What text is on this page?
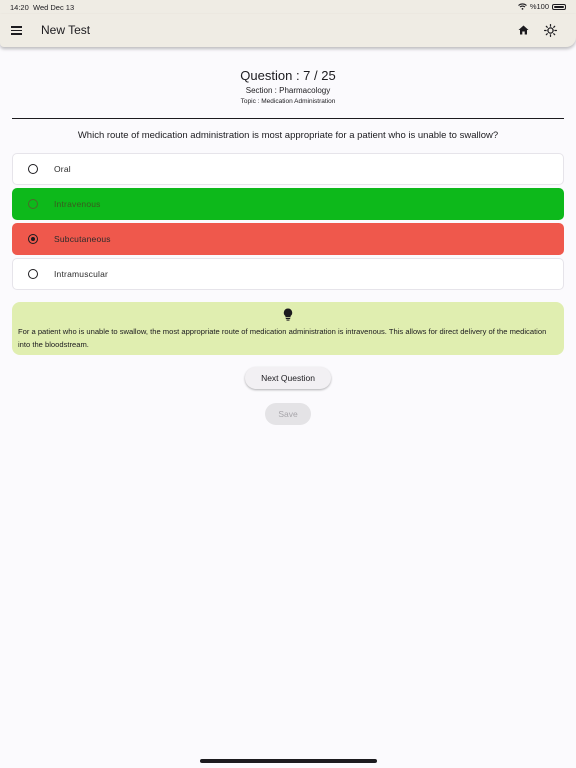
14:20 Wed Dec 13	%100
New Test
Question : 7 / 25
Section : Pharmacology
Topic : Medication Administration
Which route of medication administration is most appropriate for a patient who is unable to swallow?
Oral
Intravenous
Subcutaneous
Intramuscular
For a patient who is unable to swallow, the most appropriate route of medication administration is intravenous. This allows for direct delivery of the medication into the bloodstream.
Next Question
Save
